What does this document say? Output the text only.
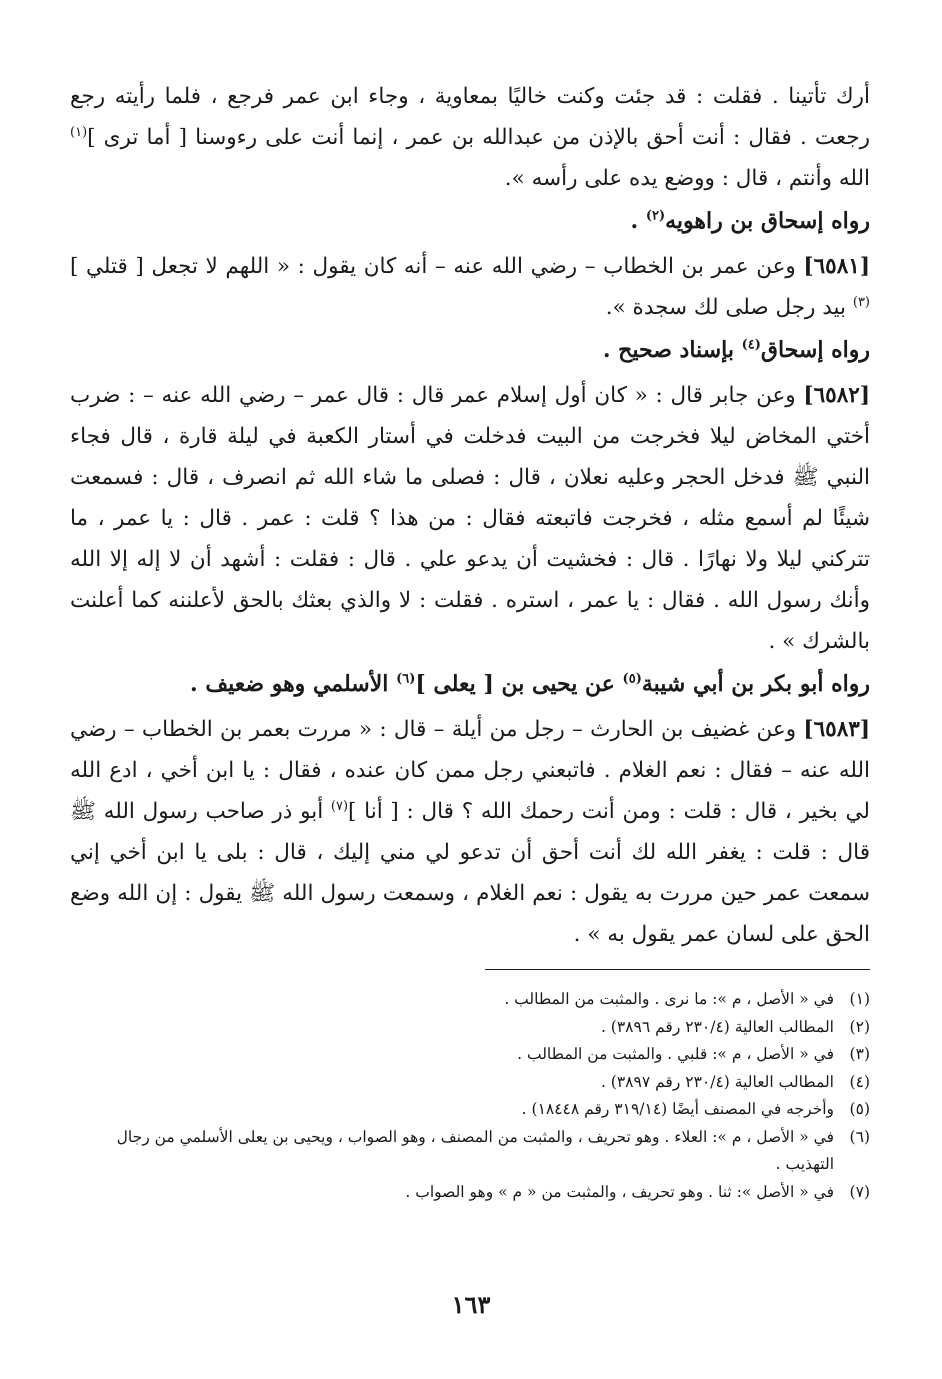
أرك تأتينا . فقلت : قد جئت وكنت خاليًا بمعاوية ، وجاء ابن عمر فرجع ، فلما رأيته رجع رجعت . فقال : أنت أحق بالإذن من عبدالله بن عمر ، إنما أنت على رءوسنا [ أما ترى ]$^{(١)}$ الله وأنتم ، قال : ووضع يده على رأسه ».

رواه إسحاق بن راهويه$^{(٢)}$ .

[٦٥٨١] وعن عمر بن الخطاب – رضي الله عنه – أنه كان يقول : « اللهم لا تجعل [ قتلي ]$^{(٣)}$ بيد رجل صلى لك سجدة ».

رواه إسحاق$^{(٤)}$ بإسناد صحيح .

[٦٥٨٢] وعن جابر قال : « كان أول إسلام عمر قال : قال عمر – رضي الله عنه – : ضرب أختي المخاض ليلا فخرجت من البيت فدخلت في أستار الكعبة في ليلة قارة ، قال فجاء النبي ﷺ فدخل الحجر وعليه نعلان ، قال : فصلى ما شاء الله ثم انصرف ، قال : فسمعت شيئًا لم أسمع مثله ، فخرجت فاتبعته فقال : من هذا ؟ قلت : عمر . قال : يا عمر ، ما تتركني ليلا ولا نهارًا . قال : فخشيت أن يدعو علي . قال : فقلت : أشهد أن لا إله إلا الله وأنك رسول الله . فقال : يا عمر ، استره . فقلت : لا والذي بعثك بالحق لأعلننه كما أعلنت بالشرك » .

رواه أبو بكر بن أبي شيبة$^{(٥)}$ عن يحيى بن [ يعلى ]$^{(٦)}$ الأسلمي وهو ضعيف .

[٦٥٨٣] وعن غضيف بن الحارث – رجل من أيلة – قال : « مررت بعمر بن الخطاب – رضي الله عنه – فقال : نعم الغلام . فاتبعني رجل ممن كان عنده ، فقال : يا ابن أخي ، ادع الله لي بخير ، قال : قلت : ومن أنت رحمك الله ؟ قال : [ أنا ]$^{(٧)}$ أبو ذر صاحب رسول الله ﷺ قال : قلت : يغفر الله لك أنت أحق أن تدعو لي مني إليك ، قال : بلى يا ابن أخي إني سمعت عمر حين مررت به يقول : نعم الغلام ، وسمعت رسول الله ﷺ يقول : إن الله وضع الحق على لسان عمر يقول به » .

(١)
في « الأصل ، م »: ما نرى . والمثبت من المطالب .
(٢)
المطالب العالية (٢٣٠/٤ رقم ٣٨٩٦) .
(٣)
في « الأصل ، م »: قلبي . والمثبت من المطالب .
(٤)
المطالب العالية (٢٣٠/٤ رقم ٣٨٩٧) .
(٥)
وأخرجه في المصنف أيضًا (٣١٩/١٤ رقم ١٨٤٤٨) .
(٦)
في « الأصل ، م »: العلاء . وهو تحريف ، والمثبت من المصنف ، وهو الصواب ، ويحيى بن يعلى الأسلمي من رجال التهذيب .
(٧)
في « الأصل »: ثنا . وهو تحريف ، والمثبت من « م » وهو الصواب .
١٦٣
